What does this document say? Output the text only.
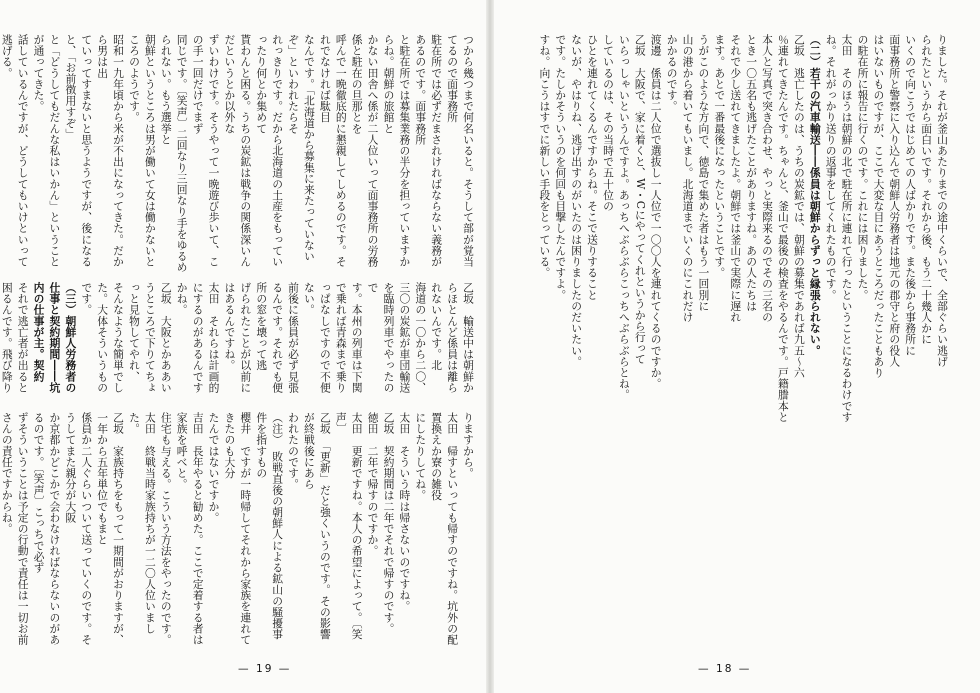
つから幾つまで何名いると。そうして部が覚当てるので面事務所

駐在所では必ずだまされければならない義務があるのです。面事務所

と駐在所では募集業務の半分を担っていますからね。朝鮮の旅館と

かない田舎へ係が二人位いって面事務所の労務係と駐在の旦那とを

呼んで一晩徹底的に懇親してしめるのです。それでなければ駄目

なんです。「北海道から募集に来たっていないぞ」といわれたらそ

れっきりです。だから北海道の土産をもっていったり何とか集めて

貰わんと困る。うちの炭鉱は戦争の関係深いんだというとか以外な

ずいわけです。そうやって一晩遊び歩いて、この手一回だけでまず

同じです。〔笑声〕二回なり三回なり手をゆるめられない。もう選挙と

朝鮮というところは男が働いて女は働かないところのようです。

昭和一九年頃から米が不出になってきた。だから男は出

ていってすまないと思うようですが、後になると、「お前徴用すぞ」

と「どうしてもだんな私はいかん」ということが通ってきた。

話しているんですが、どうしてもいけといって逃げる。

乙坂　輸送中は朝鮮からほとんど係員は離られないんです。北

海道の一〇から二〇、三〇の炭鉱が車団輸送を臨時列車でやったので

す。本州の列車は下関で乗れば青森まで乗りっぱなしですので不便ない。

前後に係員が必ず見張るんです。それでも便所の窓を壊って逃

げられたことが以前にはあるんですね。

太田　それらは計画的にするのがあるんですかね。

乙坂　大阪とかああいうところで下りてちょっと見物してやれ、

そんなような簡単でした。大体そういうものです。

（三）朝鮮人労務者の仕事と契約期間――坑内の仕事が主。契約

それで逃亡者が出ると困るんです。飛び降り

りますから。

太田　帰すといっても帰すのですね。坑外の配置換えか寮の雑役

にしたりしてね。

太田　そういう時は帰さないのですね。

乙坂　契約期間は二年でそれで帰すのです。

徳田　二年で帰すのですか。

太田　更新ですね。本人の希望によって。〔笑声〕

乙坂　「更新」だと強くいうのです。その影響が終戦後にあら

われたのです。

（注）　敗戦直後の朝鮮人による鉱山の騒擾事件を指すもの

櫻井　ですが一時帰してそれから家族を連れてきたのも大分

たんではないですか。

吉田　長年やると勧めた。ここで定着する者は家族を呼べと。

住宅も与える。こういう方法をやったのです。

太田　終戦当時家族持ちが一二〇人位いました。

乙坂　家族持ちをもって一期間がおりますが、一年から五年単位でもまと

係員か二人ぐらいついて送っていくのです。そうしてまた親分が大阪

か京都かどこかで会わなければならないのがあるのです。〔笑声〕こっちで必ず

ずそういうことは予定の行動で責任は一切お前さんの責任ですからね。

— 19 —

りました。それが釜山あたりまでの途中くらいで、全部ぐらい逃げ

られたというから面白いです。それから後、もう二十幾人かに

いくので向こうではじめての人ばかりです。また後から事務所に

面事務所と警察に入り込んで朝鮮人労務者は地元の郡守と府の役人

はいないものですが、ここで大変な目にあうところだったこともあり

の駐在所に報告に行くのです。これには困りました。

太田　そのほうは朝鮮の北で駐在所に連れて行ったということになるわけです

ね。それがっかり送りの返事をしてくれたものです。

（二）若干の汽車輸送――係員は朝鮮からずっと縁張られない。

乙坂　逃亡したのは、うちの炭鉱では、朝鮮の募集であれば九五～六

％連れてきたんです。ちゃんと、釜山で最後の検査をやるんです。戸籍謄本と

本人と写真で突き合わせ、やっと実際来るのでその三名の

とき一〇五名も逃げたことがありますね。あの人たちは

それで少し送れてきましたよ。朝鮮では釜山で実際に遅れ

ます。あとで一番最後になったということです。

うがこのような方向で、徳島で集めた者はもう一回別に

山の港から着いてもいまし。北海道までいくのにこれだけ

かかるのです。

渡邊　係員は二人位で選抜し一人位で一〇〇人を連れてくるのですか。

乙坂　大阪で、家に着くと、W・Cにやってくれというから行って

いらっしゃいというんですよ。あっちへぶらぶらこっちへぶらぶらとね。

しているのは、その当時で五十位の

ひとを連れてくるんですからね。そこで送りすること

ないが、やはりね、逃げ出すのがいたのは困りましたのだいたい。

です。たしかそういうのを何回も目撃したんですよ。

すね。向こうはすでに新しい手段をとっている。

— 18 —
